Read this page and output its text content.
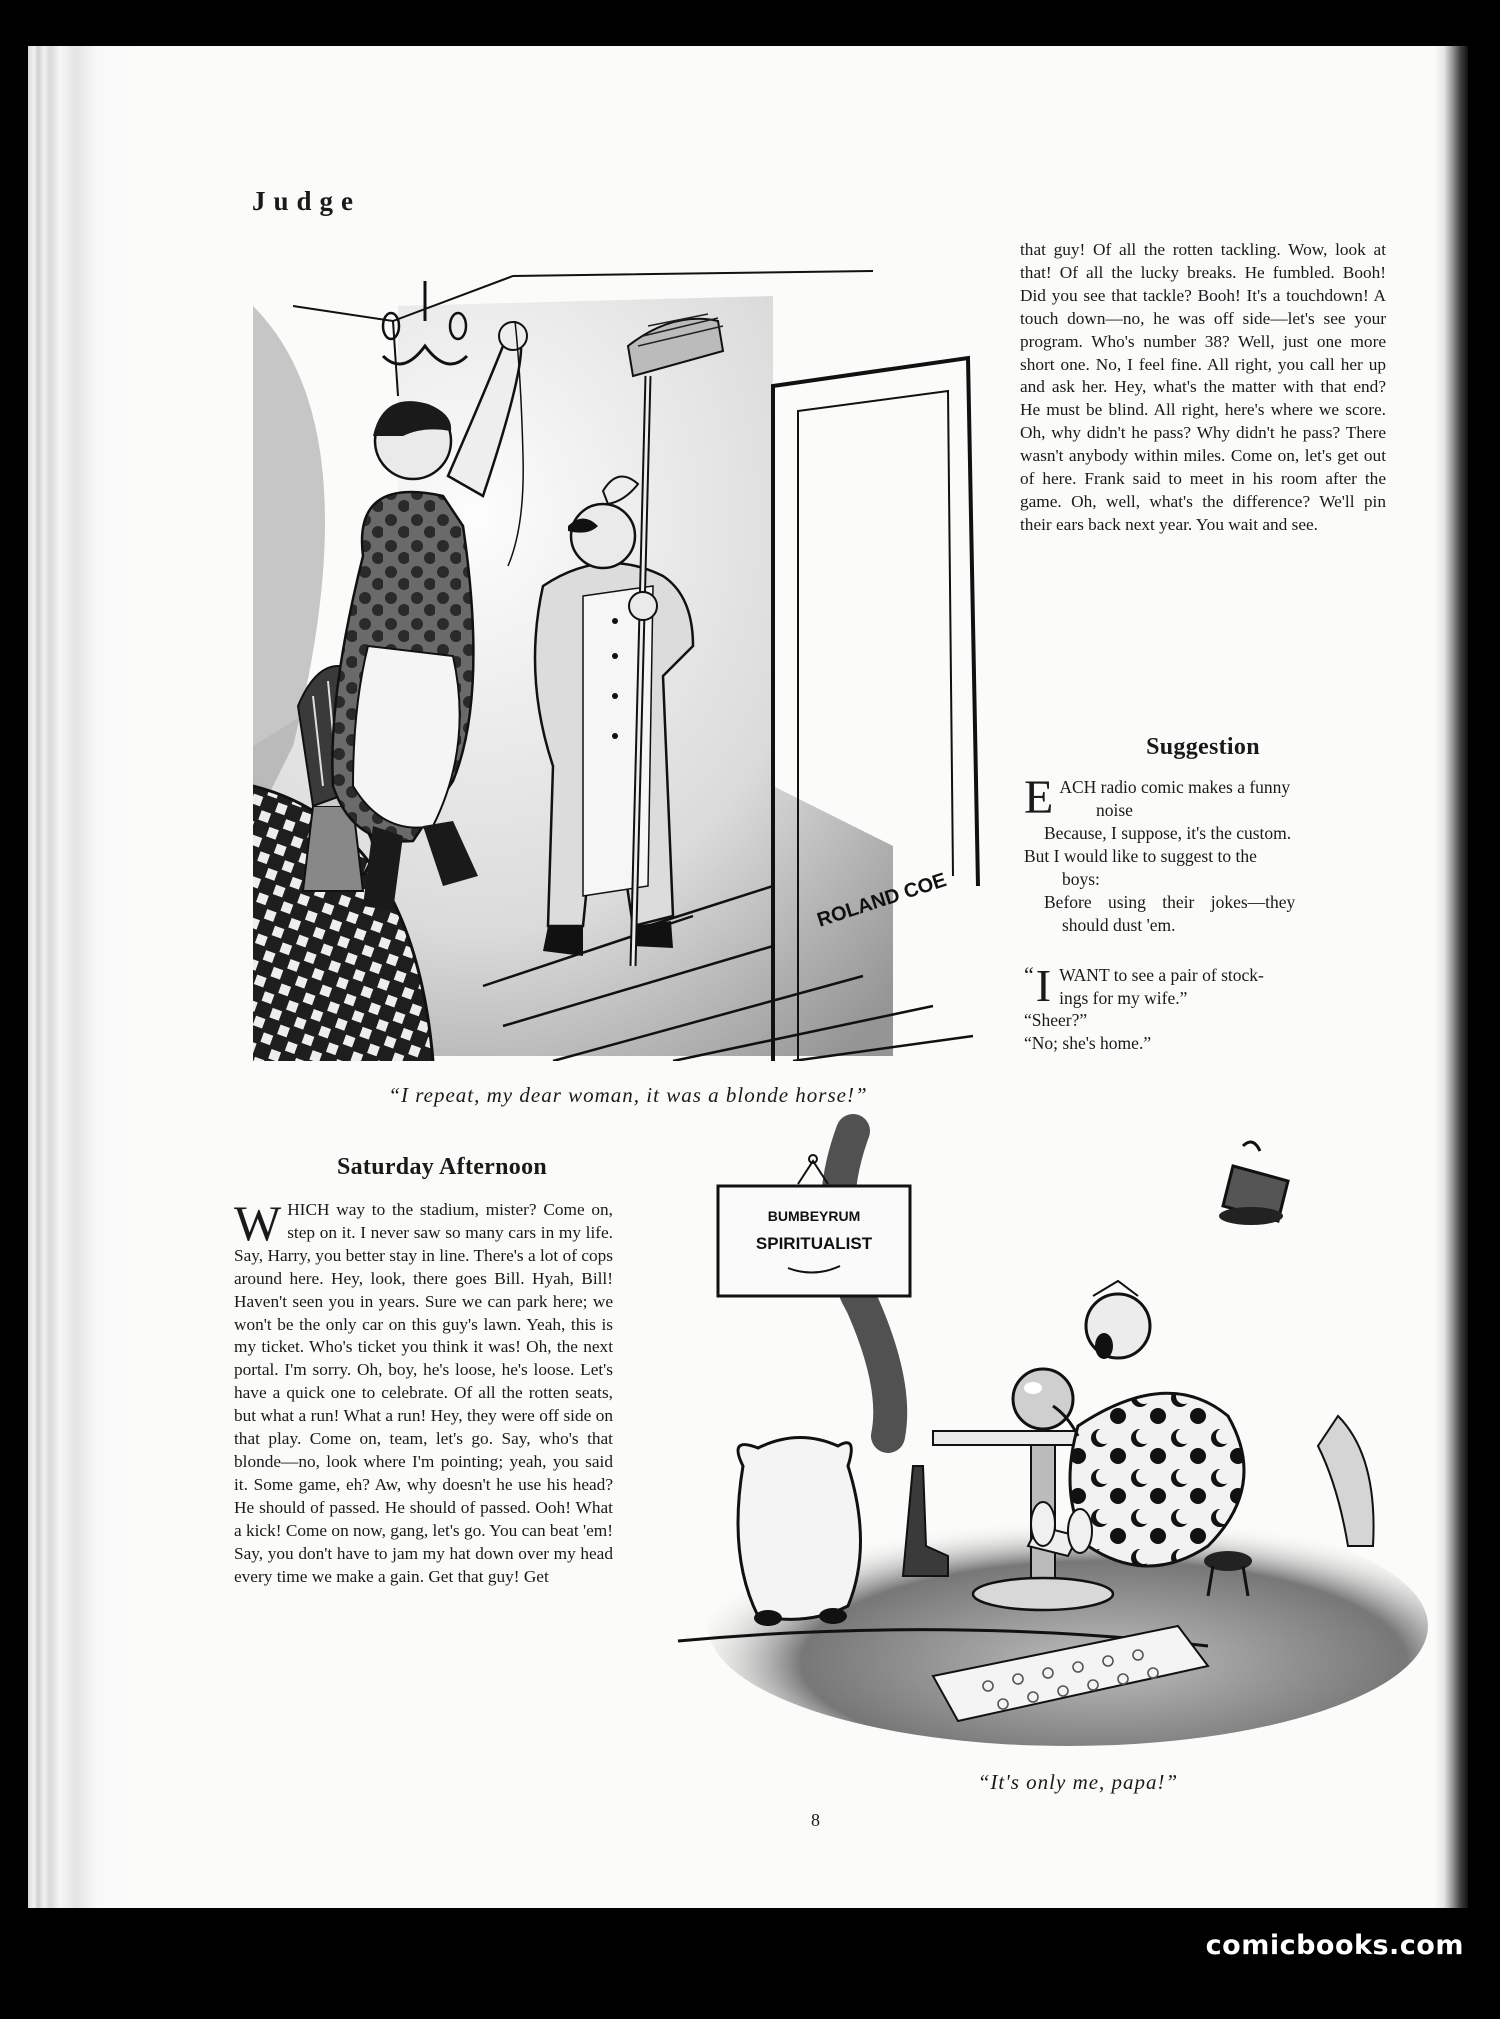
Judge
ROLAND COE
“I repeat, my dear woman, it was a blonde horse!”

that guy! Of all the rotten tackling. Wow, look at that! Of all the lucky breaks. He fumbled. Booh! Did you see that tackle? Booh! It's a touchdown! A touch down—no, he was off side—let's see your program. Who's number 38? Well, just one more short one. No, I feel fine. All right, you call her up and ask her. Hey, what's the matter with that end? He must be blind. All right, here's where we score. Oh, why didn't he pass? Why didn't he pass? There wasn't anybody within miles. Come on, let's get out of here. Frank said to meet in his room after the game. Oh, well, what's the difference? We'll pin their ears back next year. You wait and see.

Suggestion
E ACH radio comic makes a funny
noise
Because, I suppose, it's the custom.
But I would like to suggest to the
boys:
Before using their jokes—they
should dust 'em.
“ I WANT to see a pair of stock-
ings for my wife.”
“Sheer?”
“No; she's home.”
Saturday Afternoon

WHICH way to the stadium, mister? Come on, step on it. I never saw so many cars in my life. Say, Harry, you better stay in line. There's a lot of cops around here. Hey, look, there goes Bill. Hyah, Bill! Haven't seen you in years. Sure we can park here; we won't be the only car on this guy's lawn. Yeah, this is my ticket. Who's ticket you think it was! Oh, the next portal. I'm sorry. Oh, boy, he's loose, he's loose. Let's have a quick one to celebrate. Of all the rotten seats, but what a run! What a run! Hey, they were off side on that play. Come on, team, let's go. Say, who's that blonde—no, look where I'm pointing; yeah, you said it. Some game, eh? Aw, why doesn't he use his head? He should of passed. He should of passed. Ooh! What a kick! Come on now, gang, let's go. You can beat 'em! Say, you don't have to jam my hat down over my head every time we make a gain. Get that guy! Get

BUMBEYRUM
SPIRITUALIST
“It's only me, papa!”
8
comicbooks.com
